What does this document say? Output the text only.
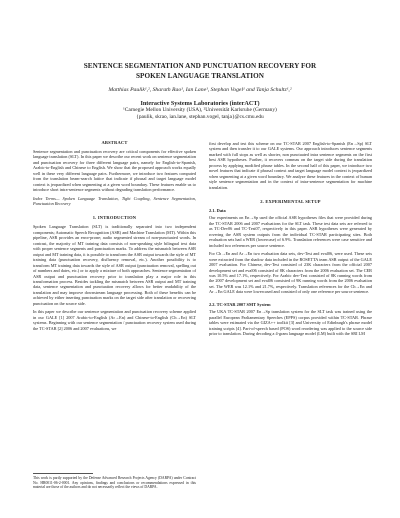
SENTENCE SEGMENTATION AND PUNCTUATION RECOVERY FOR
SPOKEN LANGUAGE TRANSLATION
Matthias Paulik¹,², Sharath Rao¹, Ian Lane¹, Stephan Vogel¹ and Tanja Schultz¹,²
Interactive Systems Laboratories (interACT)
¹Carnegie Mellon University (USA), ²Universität Karlsruhe (Germany)
{paulik, skrao, ian.lane, stephan.vogel, tanja}@cs.cmu.edu
ABSTRACT
Sentence segmentation and punctuation recovery are critical components for effective spoken language translation (SLT). In this paper we describe our recent work on sentence segmentation and punctuation recovery for three different language pairs, namely for English-to-Spanish, Arabic-to-English and Chinese to English. We show that the proposed approach works equally well in these very different language pairs. Furthermore, we introduce two features computed from the translation beam-search lattice that indicate if phrasal and target language model context is jeopardized when segmenting at a given word boundary. These features enable us to introduce short intra-sentence segments without degrading translation performance.
Index Terms— Spoken Language Translation, Tight Coupling, Sentence Segmentation, Punctuation Recovery
1. INTRODUCTION
Spoken Language Translation (SLT) is traditionally separated into two independent components; Automatic Speech Recognition (ASR) and Machine Translation (MT). Within this pipeline, ASR provides an error-prone; audio segmented stream of non-punctuated words. In contrast, the majority of MT training data consists of non-speaking style bilingual text data with proper sentence segments and punctuation marks. To address the mismatch between ASR output and MT training data, it is possible to transform the ASR output towards the style of MT training data (punctuation recovery, disfluency removal, etc.). Another possibility is to transform MT training data towards the style of ASR output (punctuation removal, spelling out of numbers and dates, etc.) or to apply a mixture of both approaches. Sentence segmentation of ASR output and punctuation recovery prior to translation play a major role in this transformation process. Besides tackling the mismatch between ASR output and MT training data, sentence segmentation and punctuation recovery allows for better readability of the translation and may improve downstream language processing. Both of these benefits can be achieved by either inserting punctuation marks on the target side after translation or recovering punctuation on the source side.
In this paper we describe our sentence segmentation and punctuation recovery scheme applied in our GALE [1] 2007 Arabic-to-English (Ar→En) and Chinese-to-English (Ch→En) SLT systems. Beginning with our sentence segmentation / punctuation recovery system used during the TC-STAR [2] 2006 and 2007 evaluations, we
This work is partly supported by the Defense Advanced Research Projects Agency (DARPA) under Contract No. HR0011-06-2-0001. Any opinions, findings and conclusions or recommendations expressed in this material are those of the authors and do not necessarily reflect the views of DARPA.
first develop and test this scheme on our TC-STAR 2007 English-to-Spanish (En→Sp) SLT system and then transfer it to our GALE systems. Our approach introduces sentence segments marked with full stops as well as shorter, non punctuated intra sentence segments on the first best ASR hypotheses. Further, it recovers commas on the target side during the translation process by applying modified phrase tables. In the second half of this paper, we introduce two novel features that indicate if phrasal context and target language model context is jeopardized when segmenting at a given word boundary. We analyze these features in the context of human style sentence segmentation and in the context of intra-sentence segmentation for machine translation.
2. EXPERIMENTAL SETUP
2.1. Data
Our experiments on En→Sp used the official ASR hypotheses files that were provided during the TC-STAR 2006 and 2007 evaluations for the SLT task. These test data sets are referred to as TC-Dev06 and TC-Test07, respectively in this paper. ASR hypotheses were generated by rovering the ASR system outputs from the individual TC-STAR participating sites. Both evaluation sets had a WER (lowercase) of 6.9%. Translation references were case sensitive and included two references per source sentence.
For Ch→En and Ar→En two evaluation data sets, dev-Test and eval06, were used. These sets were extracted from the shadow data included in the ROSETTA team ASR output of the GALE 2007 evaluation. For Chinese, dev-Test consisted of 23K characters from the official 2007 development set and eval06 consisted of 8K characters from the 2006 evaluation set. The CER was 10.5% and 17.1%, respectively. For Arabic dev-Test consisted of 8K running words from the 2007 development set and eval06 consisted of 9K running words from the 2006 evaluation set. The WER was 12.1% and 21.7%, respectively. Translation references for the Ch→En and Ar→En GALE data were lowercased and consisted of only one reference per source sentence.
2.2. TC-STAR 2007 SMT System
The UKA TC-STAR 2007 En→Sp translation system for the SLT task was trained using the parallel European Parliamentary Speeches (EPPS) corpus provided within TC-STAR. Phrase tables were estimated via the GIZA++ toolkit [3] and University of Edinburgh's phrase model training scripts [4]. Part-of-speech based (POS) word reordering was applied to the source side prior to translation. During decoding a 4-gram language model (LM) built with the SRI LM
